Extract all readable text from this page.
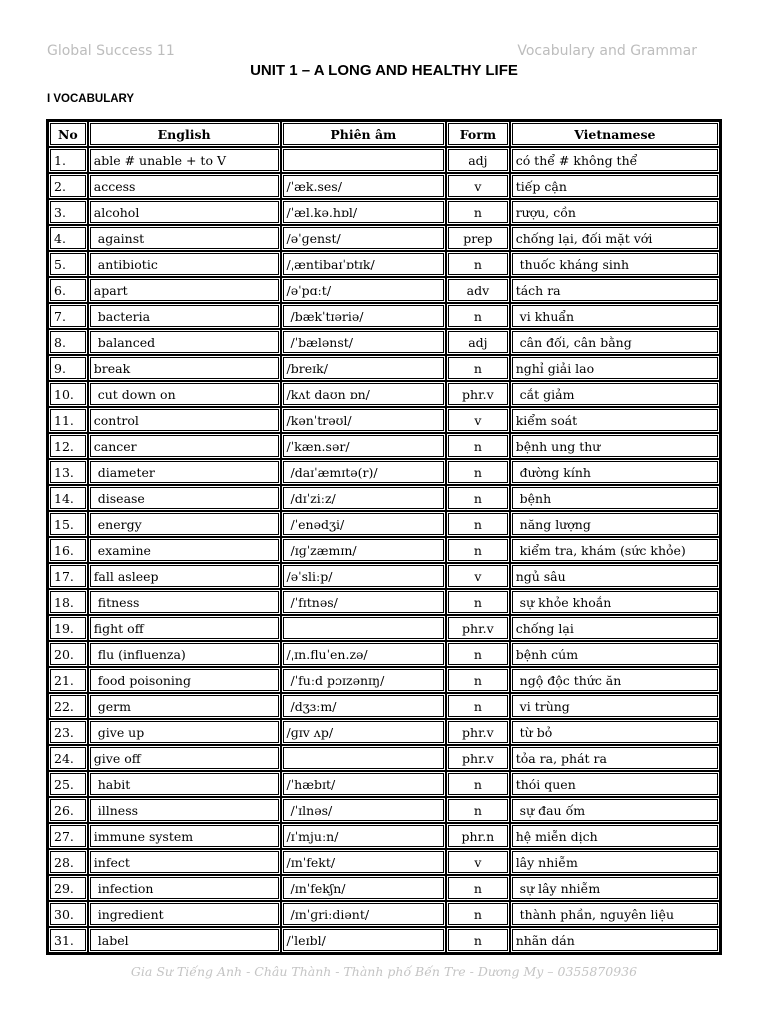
Global Success 11	Vocabulary and Grammar
UNIT 1 – A LONG AND HEALTHY LIFE
I VOCABULARY
No	English	Phiên âm	Form	Vietnamese
1.	able # unable + to V		adj	có thể # không thể
2.	access	/ˈæk.ses/	v	tiếp cận
3.	alcohol	/ˈæl.kə.hɒl/	n	rượu, cồn
4.	against	/əˈɡenst/	prep	chống lại, đối mặt với
5.	antibiotic	/ˌæntibaɪˈɒtɪk/	n	thuốc kháng sinh
6.	apart	/əˈpɑːt/	adv	tách ra
7.	bacteria	/bækˈtɪəriə/	n	vi khuẩn
8.	balanced	/ˈbælənst/	adj	cân đối, cân bằng
9.	break	/breɪk/	n	nghỉ giải lao
10.	cut down on	/kʌt daʊn ɒn/	phr.v	cắt giảm
11.	control	/kənˈtrəʊl/	v	kiểm soát
12.	cancer	/ˈkæn.sər/	n	bệnh ung thư
13.	diameter	/daɪˈæmɪtə(r)/	n	đường kính
14.	disease	/dɪˈziːz/	n	bệnh
15.	energy	/ˈenədʒi/	n	năng lượng
16.	examine	/ɪɡˈzæmɪn/	n	kiểm tra, khám (sức khỏe)
17.	fall asleep	/əˈsliːp/	v	ngủ sâu
18.	fitness	/ˈfɪtnəs/	n	sự khỏe khoắn
19.	fight off		phr.v	chống lại
20.	flu (influenza)	/ˌɪn.fluˈen.zə/	n	bệnh cúm
21.	food poisoning	/ˈfuːd pɔɪzənɪŋ/	n	ngộ độc thức ăn
22.	germ	/dʒɜːm/	n	vi trùng
23.	give up	/ɡɪv ʌp/	phr.v	từ bỏ
24.	give off		phr.v	tỏa ra, phát ra
25.	habit	/ˈhæbɪt/	n	thói quen
26.	illness	/ˈɪlnəs/	n	sự đau ốm
27.	immune system	/ɪˈmjuːn/	phr.n	hệ miễn dịch
28.	infect	/ɪnˈfekt/	v	lây nhiễm
29.	infection	/ɪnˈfekʃn/	n	sự lây nhiễm
30.	ingredient	/ɪnˈɡriːdiənt/	n	thành phần, nguyên liệu
31.	label	/ˈleɪbl/	n	nhãn dán
Gia Sư Tiếng Anh - Châu Thành - Thành phố Bến Tre - Dương My – 0355870936
